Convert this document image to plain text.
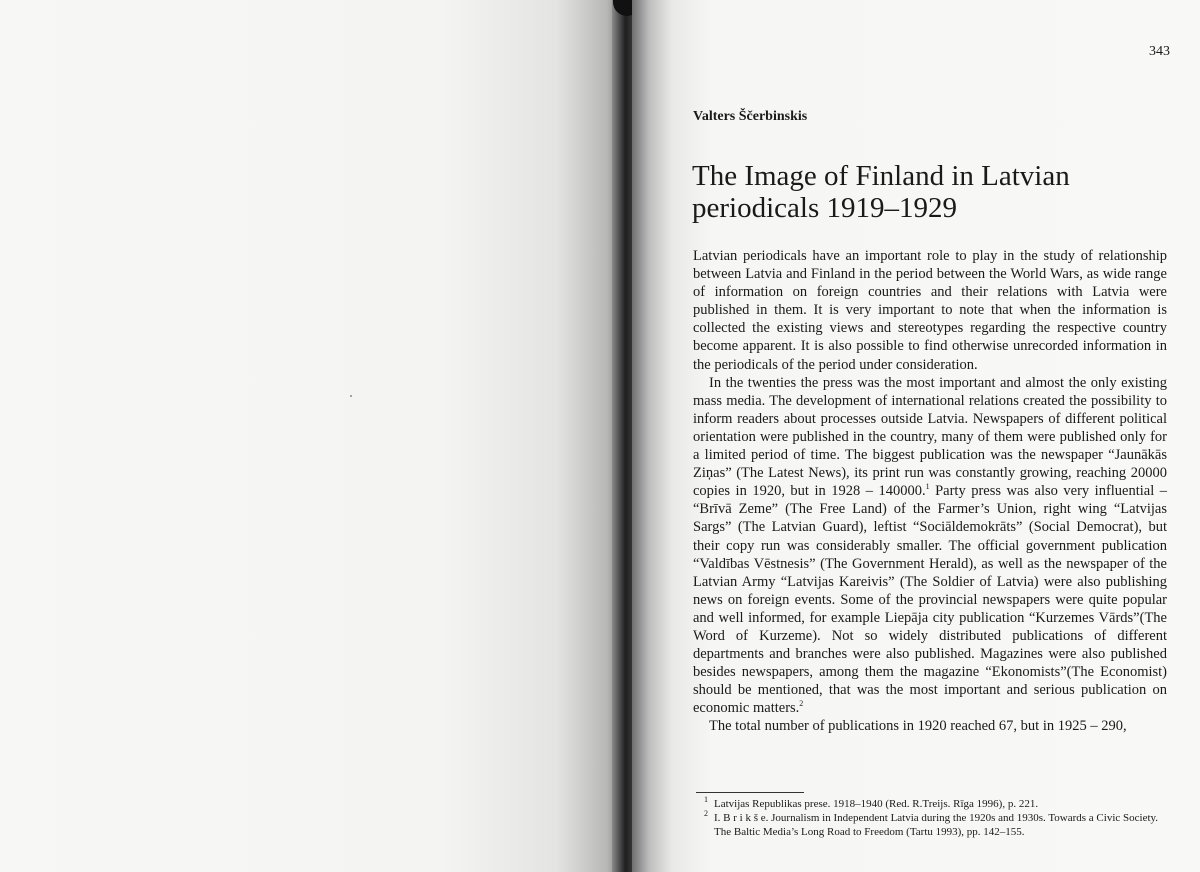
343
Valters Ščerbinskis
The Image of Finland in Latvian periodicals 1919–1929

Latvian periodicals have an important role to play in the study of relationship between Latvia and Finland in the period between the World Wars, as wide range of information on foreign countries and their relations with Latvia were published in them. It is very important to note that when the information is collected the existing views and stereotypes regarding the respective country become apparent. It is also possible to find otherwise unrecorded information in the periodicals of the period under consideration.

In the twenties the press was the most important and almost the only existing mass media. The development of international relations created the possibility to inform readers about processes outside Latvia. Newspapers of different political orientation were published in the country, many of them were published only for a limited period of time. The biggest publication was the newspaper “Jaunākās Ziņas” (The Latest News), its print run was constantly growing, reaching 20000 copies in 1920, but in 1928 – 140000.$^1$ Party press was also very influential – “Brīvā Zeme” (The Free Land) of the Farmer’s Union, right wing “Latvijas Sargs” (The Latvian Guard), leftist “Sociāldemokrāts” (Social Democrat), but their copy run was considerably smaller. The official government publication “Valdības Vēstnesis” (The Government Herald), as well as the newspaper of the Latvian Army “Latvijas Kareivis” (The Soldier of Latvia) were also publishing news on foreign events. Some of the provincial newspapers were quite popular and well informed, for example Liepāja city publication “Kurzemes Vārds”(The Word of Kurzeme). Not so widely distributed publications of different departments and branches were also published. Magazines were also published besides newspapers, among them the magazine “Ekonomists”(The Economist) should be mentioned, that was the most important and serious publication on economic matters.$^2$

The total number of publications in 1920 reached 67, but in 1925 – 290,

$^1$ Latvijas Republikas prese. 1918–1940 (Red. R.Treijs. Rīga 1996), p. 221.
$^2$ I. B r i k š e. Journalism in Independent Latvia during the 1920s and 1930s. Towards a Civic Society. The Baltic Media’s Long Road to Freedom (Tartu 1993), pp. 142–155.
